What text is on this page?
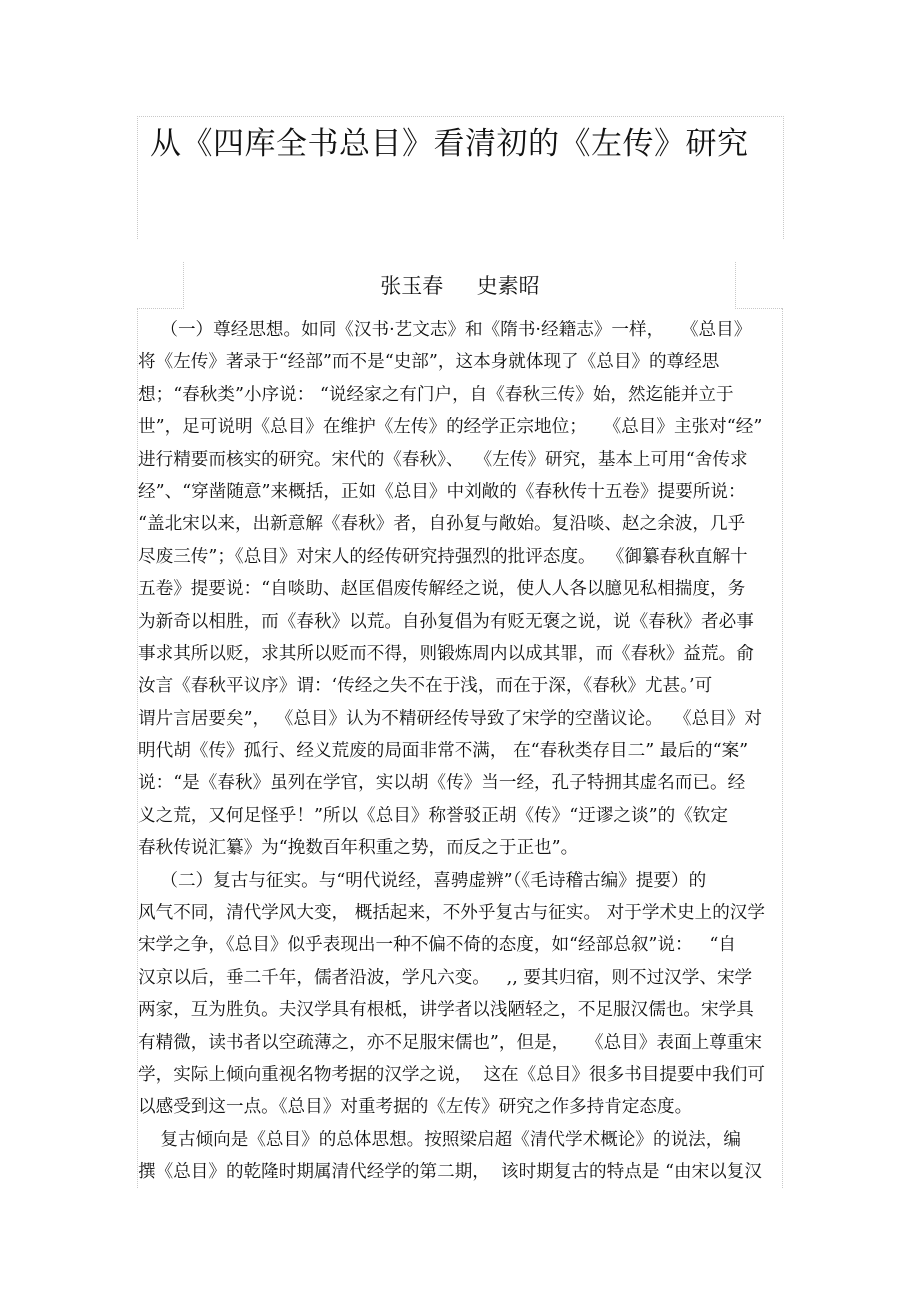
从《四库全书总目》看清初的《左传》研究
张玉春     史素昭
（一）尊经思想。如同《汉书·艺文志》和《隋书·经籍志》一样，   《总目》
将《左传》著录于“经部”而不是“史部”，这本身就体现了《总目》的尊经思
想；“春秋类”小序说： “说经家之有门户，自《春秋三传》始，然迄能并立于
世”，足可说明《总目》在维护《左传》的经学正宗地位；   《总目》主张对“经”
进行精要而核实的研究。宋代的《春秋》、  《左传》研究，基本上可用“舍传求
经”、“穿凿随意”来概括，正如《总目》中刘敞的《春秋传十五卷》提要所说：
“盖北宋以来，出新意解《春秋》者，自孙复与敞始。复沿啖、赵之余波，几乎
尽废三传”；《总目》对宋人的经传研究持强烈的批评态度。  《御纂春秋直解十
五卷》提要说：“自啖助、赵匡倡废传解经之说，使人人各以臆见私相揣度，务
为新奇以相胜，而《春秋》以荒。自孙复倡为有贬无褒之说，说《春秋》者必事
事求其所以贬，求其所以贬而不得，则锻炼周内以成其罪，而《春秋》益荒。俞
汝言《春秋平议序》谓：‘传经之失不在于浅，而在于深，《春秋》尤甚。’可
谓片言居要矣”， 《总目》认为不精研经传导致了宋学的空凿议论。  《总目》对
明代胡《传》孤行、经义荒废的局面非常不满， 在“春秋类存目二” 最后的“案”
说：“是《春秋》虽列在学官，实以胡《传》当一经，孔子特拥其虚名而已。经
义之荒，又何足怪乎！”所以《总目》称誉驳正胡《传》“迂谬之谈”的《钦定
春秋传说汇纂》为“挽数百年积重之势，而反之于正也”。
（二）复古与征实。与“明代说经，喜骋虚辨”（《毛诗稽古编》提要）的
风气不同，清代学风大变， 概括起来，不外乎复古与征实。 对于学术史上的汉学
宋学之争，《总目》似乎表现出一种不偏不倚的态度，如“经部总叙”说：   “自
汉京以后，垂二千年，儒者沿波，学凡六变。   ,, 要其归宿，则不过汉学、宋学
两家，互为胜负。夫汉学具有根柢，讲学者以浅陋轻之，不足服汉儒也。宋学具
有精微，读书者以空疏薄之，亦不足服宋儒也”，但是，   《总目》表面上尊重宋
学，实际上倾向重视名物考据的汉学之说，  这在《总目》很多书目提要中我们可
以感受到这一点。《总目》对重考据的《左传》研究之作多持肯定态度。
复古倾向是《总目》的总体思想。按照梁启超《清代学术概论》的说法，编
撰《总目》的乾隆时期属清代经学的第二期，  该时期复古的特点是 “由宋以复汉
